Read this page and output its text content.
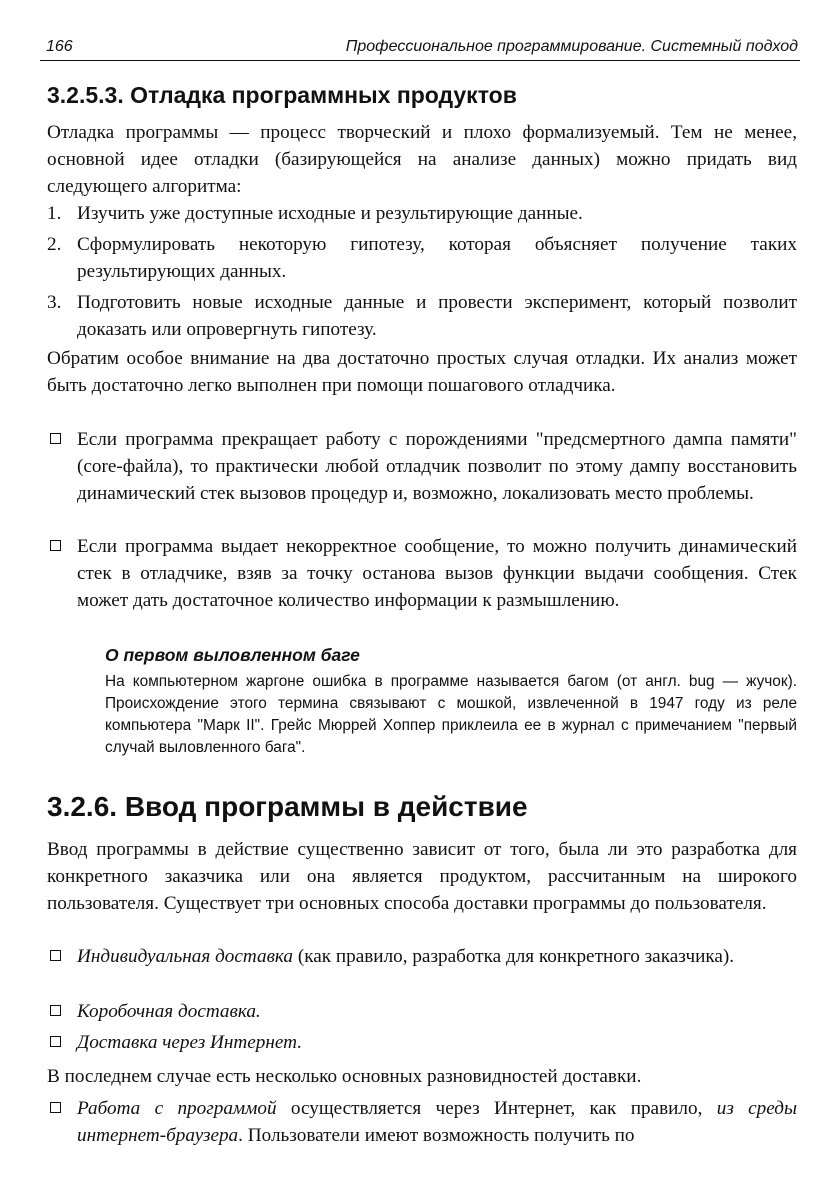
166	Профессиональное программирование. Системный подход
3.2.5.3. Отладка программных продуктов

Отладка программы — процесс творческий и плохо формализуемый. Тем не менее, основной идее отладки (базирующейся на анализе данных) можно придать вид следующего алгоритма:

1. Изучить уже доступные исходные и результирующие данные.
2. Сформулировать некоторую гипотезу, которая объясняет получение таких результирующих данных.
3. Подготовить новые исходные данные и провести эксперимент, который позволит доказать или опровергнуть гипотезу.

Обратим особое внимание на два достаточно простых случая отладки. Их анализ может быть достаточно легко выполнен при помощи пошагового отладчика.

Если программа прекращает работу с порождениями "предсмертного дампа памяти" (core-файла), то практически любой отладчик позволит по этому дампу восстановить динамический стек вызовов процедур и, возможно, локализовать место проблемы.
Если программа выдает некорректное сообщение, то можно получить динамический стек в отладчике, взяв за точку останова вызов функции выдачи сообщения. Стек может дать достаточное количество информации к размышлению.

О первом выловленном баге

На компьютерном жаргоне ошибка в программе называется багом (от англ. bug — жучок). Происхождение этого термина связывают с мошкой, извлеченной в 1947 году из реле компьютера "Марк II". Грейс Мюррей Хоппер приклеила ее в журнал с примечанием "первый случай выловленного бага".

3.2.6. Ввод программы в действие

Ввод программы в действие существенно зависит от того, была ли это разработка для конкретного заказчика или она является продуктом, рассчитанным на широкого пользователя. Существует три основных способа доставки программы до пользователя.

Индивидуальная доставка (как правило, разработка для конкретного заказчика).
Коробочная доставка.
Доставка через Интернет.

В последнем случае есть несколько основных разновидностей доставки.

Работа с программой осуществляется через Интернет, как правило, из среды интернет-браузера. Пользователи имеют возможность получить по
